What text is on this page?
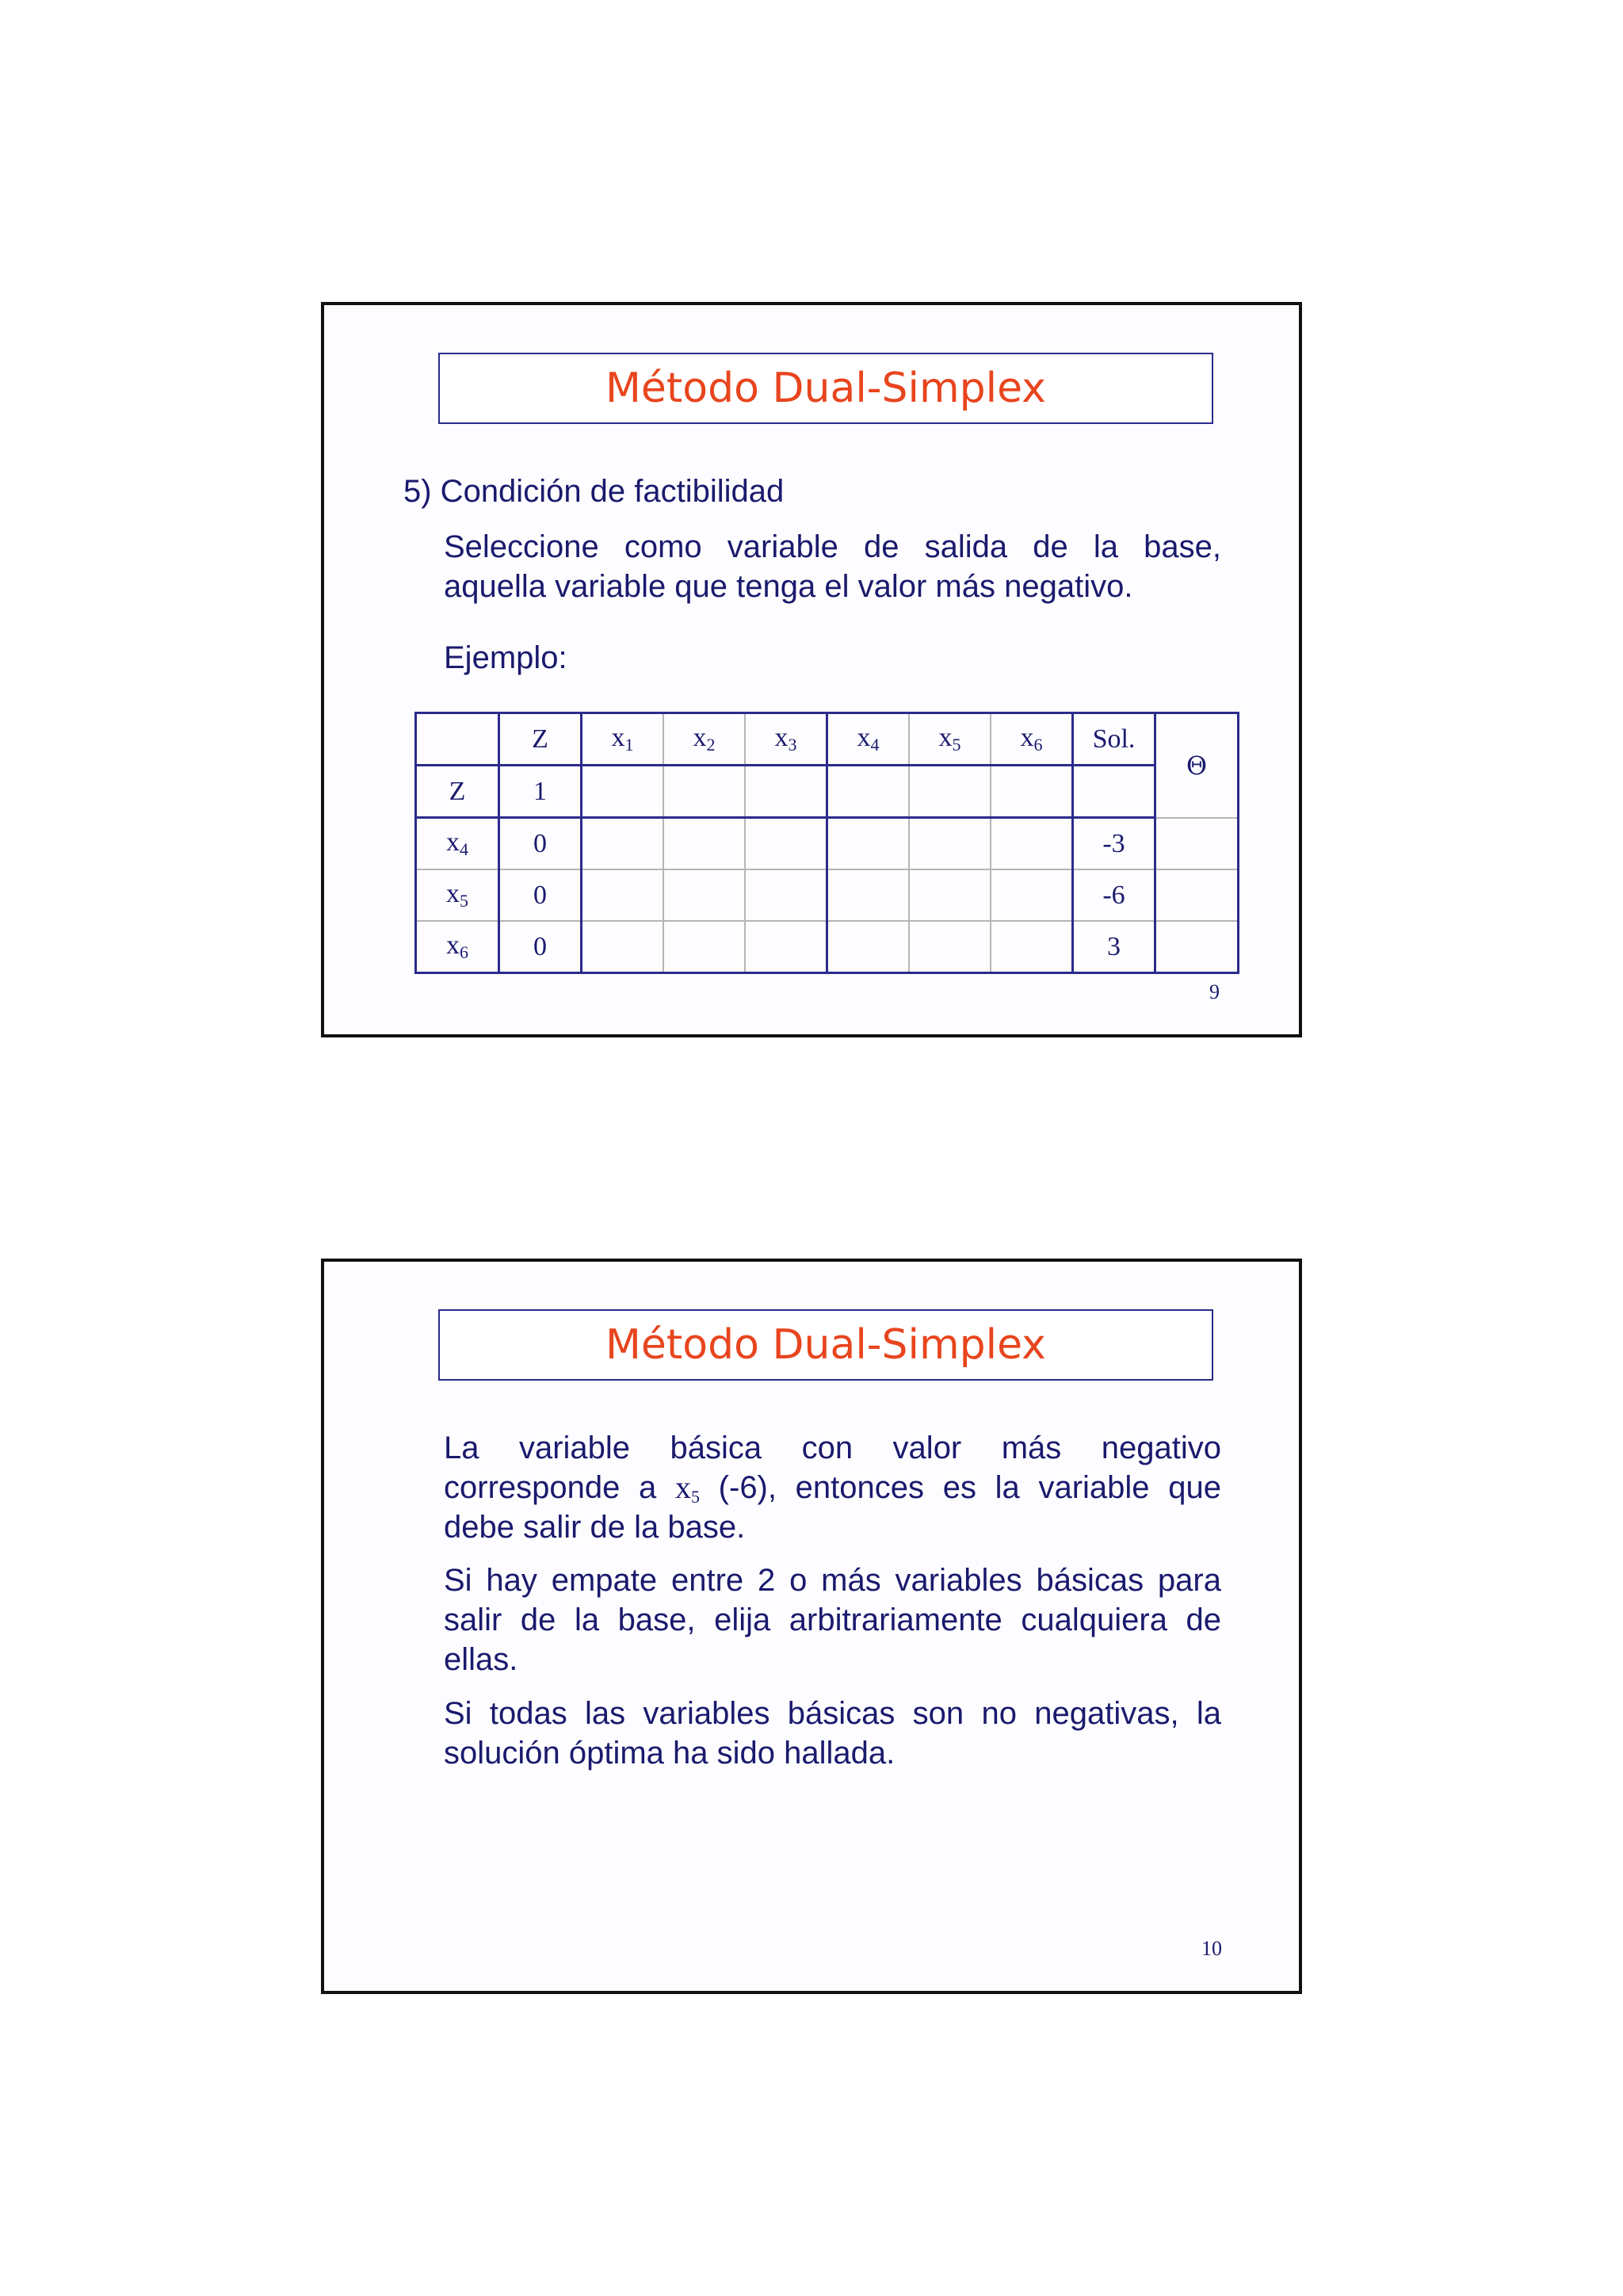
Método Dual-Simplex
5) Condición de factibilidad
Seleccione como variable de salida de la base,
aquella variable que tenga el valor más negativo.
Ejemplo:
	Z	$x_1$	$x_2$	$x_3$	$x_4$	$x_5$	$x_6$	Sol.	Θ
Z	1								
$x_4$	0							-3	
$x_5$	0							-6	
$x_6$	0							3	
9
Método Dual-Simplex
La variable básica con valor más negativo
corresponde a $x_5$ (-6), entonces es la variable que
debe salir de la base.
Si hay empate entre 2 o más variables básicas para
salir de la base, elija arbitrariamente cualquiera de
ellas.
Si todas las variables básicas son no negativas, la
solución óptima ha sido hallada.
10
